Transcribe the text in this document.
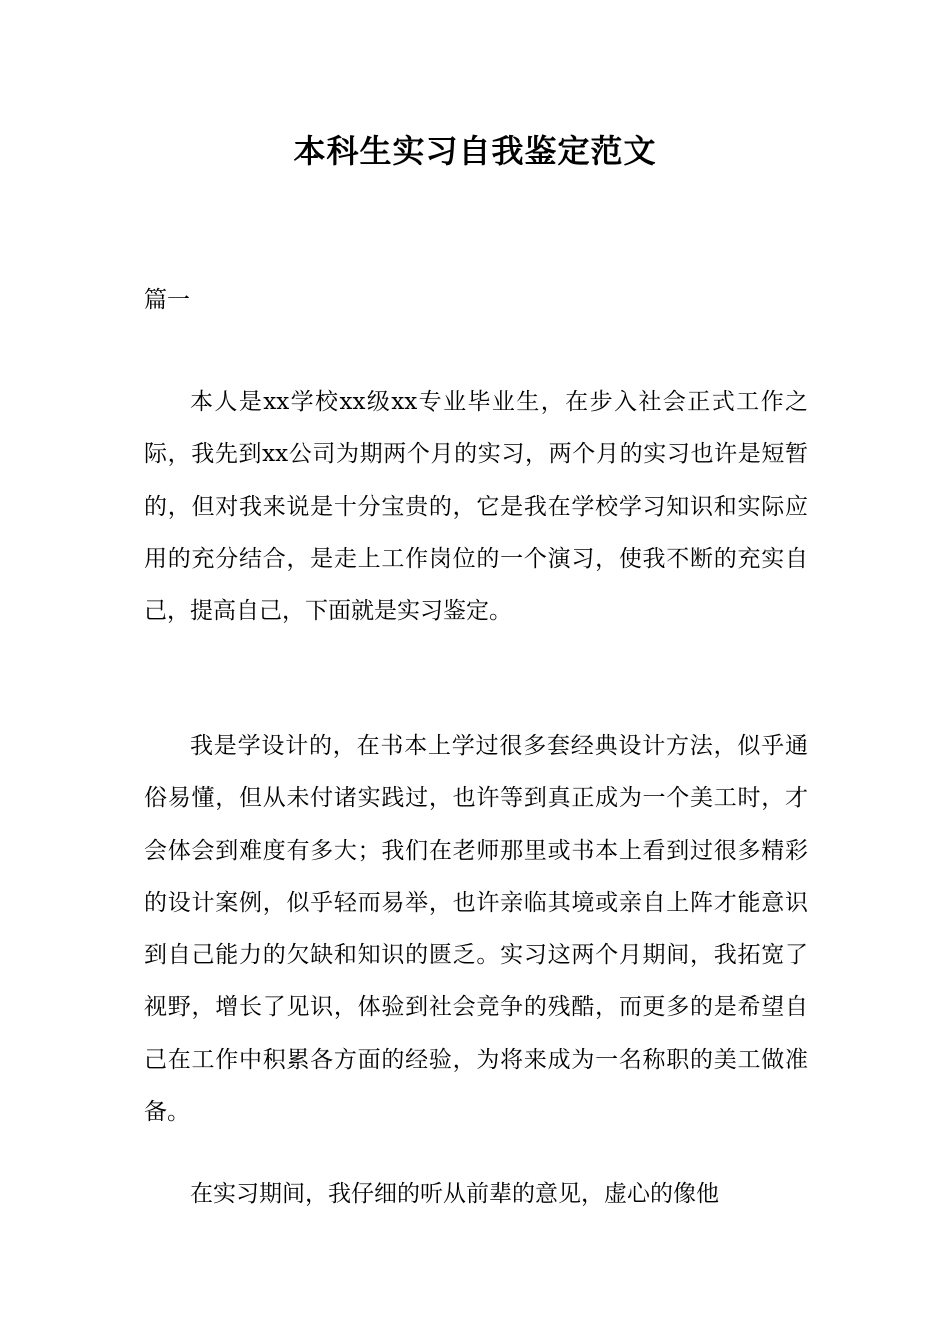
本科生实习自我鉴定范文
篇一

本人是xx学校xx级xx专业毕业生，在步入社会正式工作之际，我先到xx公司为期两个月的实习，两个月的实习也许是短暂的，但对我来说是十分宝贵的，它是我在学校学习知识和实际应用的充分结合，是走上工作岗位的一个演习，使我不断的充实自己，提高自己，下面就是实习鉴定。

我是学设计的，在书本上学过很多套经典设计方法，似乎通俗易懂，但从未付诸实践过，也许等到真正成为一个美工时，才会体会到难度有多大；我们在老师那里或书本上看到过很多精彩的设计案例，似乎轻而易举，也许亲临其境或亲自上阵才能意识到自己能力的欠缺和知识的匮乏。实习这两个月期间，我拓宽了视野，增长了见识，体验到社会竞争的残酷，而更多的是希望自己在工作中积累各方面的经验，为将来成为一名称职的美工做准备。

在实习期间，我仔细的听从前辈的意见，虚心的像他
